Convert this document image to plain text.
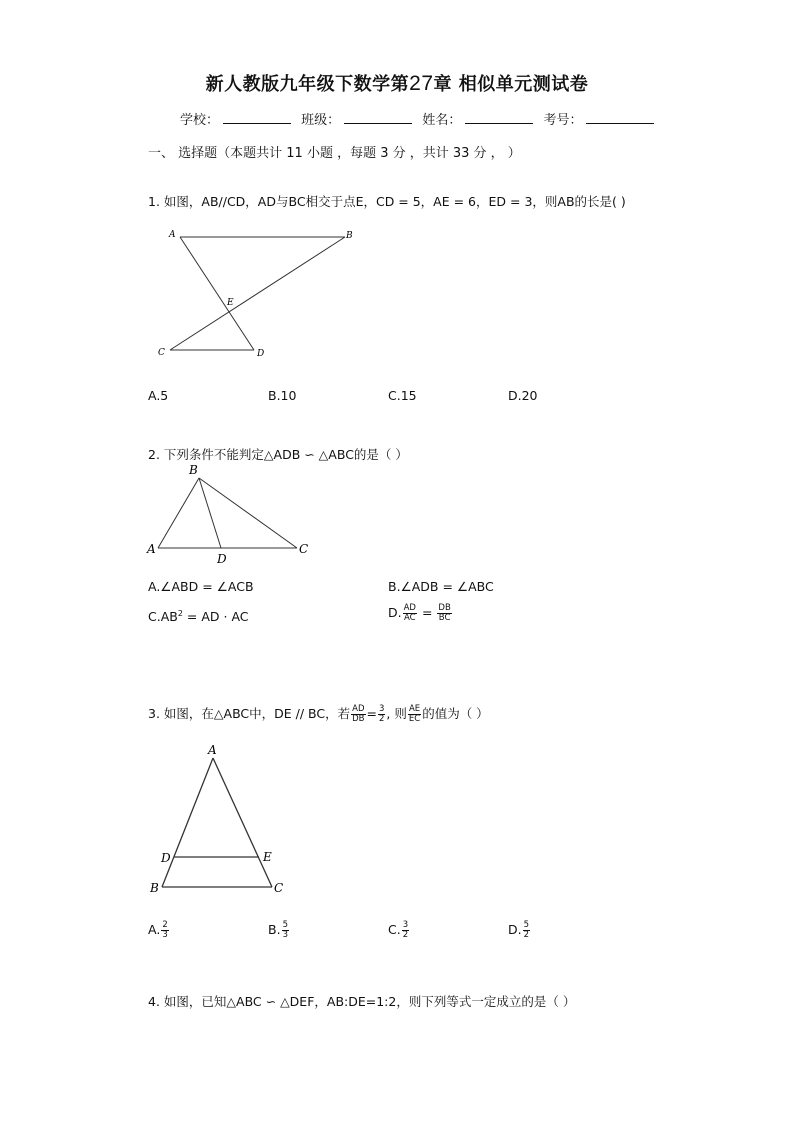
新人教版九年级下数学第27章 相似单元测试卷
学校：	班级：	姓名：	考号：
一、 选择题（本题共计 11 小题 ，每题 3 分 ，共计 33 分 ， ）
1. 如图，AB//CD，AD与BC相交于点E，CD = 5，AE = 6，ED = 3，则AB的长是( )
A	B
C	D
E
A.5	B.10	C.15	D.20
2. 下列条件不能判定△ADB ∽ △ABC的是（ ）
B
A
D
C
A.∠ABD = ∠ACB	B.∠ADB = ∠ABC
$C.AB^2$ = AD · AC	D. $\frac{AD}{AC} = \frac{DB}{BC}$
3. 如图，在△ABC中，DE // BC，若 $\frac{AD}{DB} = \frac{3}{2}$ , 则 $\frac{AE}{EC}$ 的值为（ ）
A
D	E
B	C
A. $\frac{2}{3}$	B. $\frac{5}{3}$	C. $\frac{3}{2}$	D. $\frac{5}{2}$
4. 如图，已知△ABC ∽ △DEF，AB:DE=1:2，则下列等式一定成立的是（ ）
